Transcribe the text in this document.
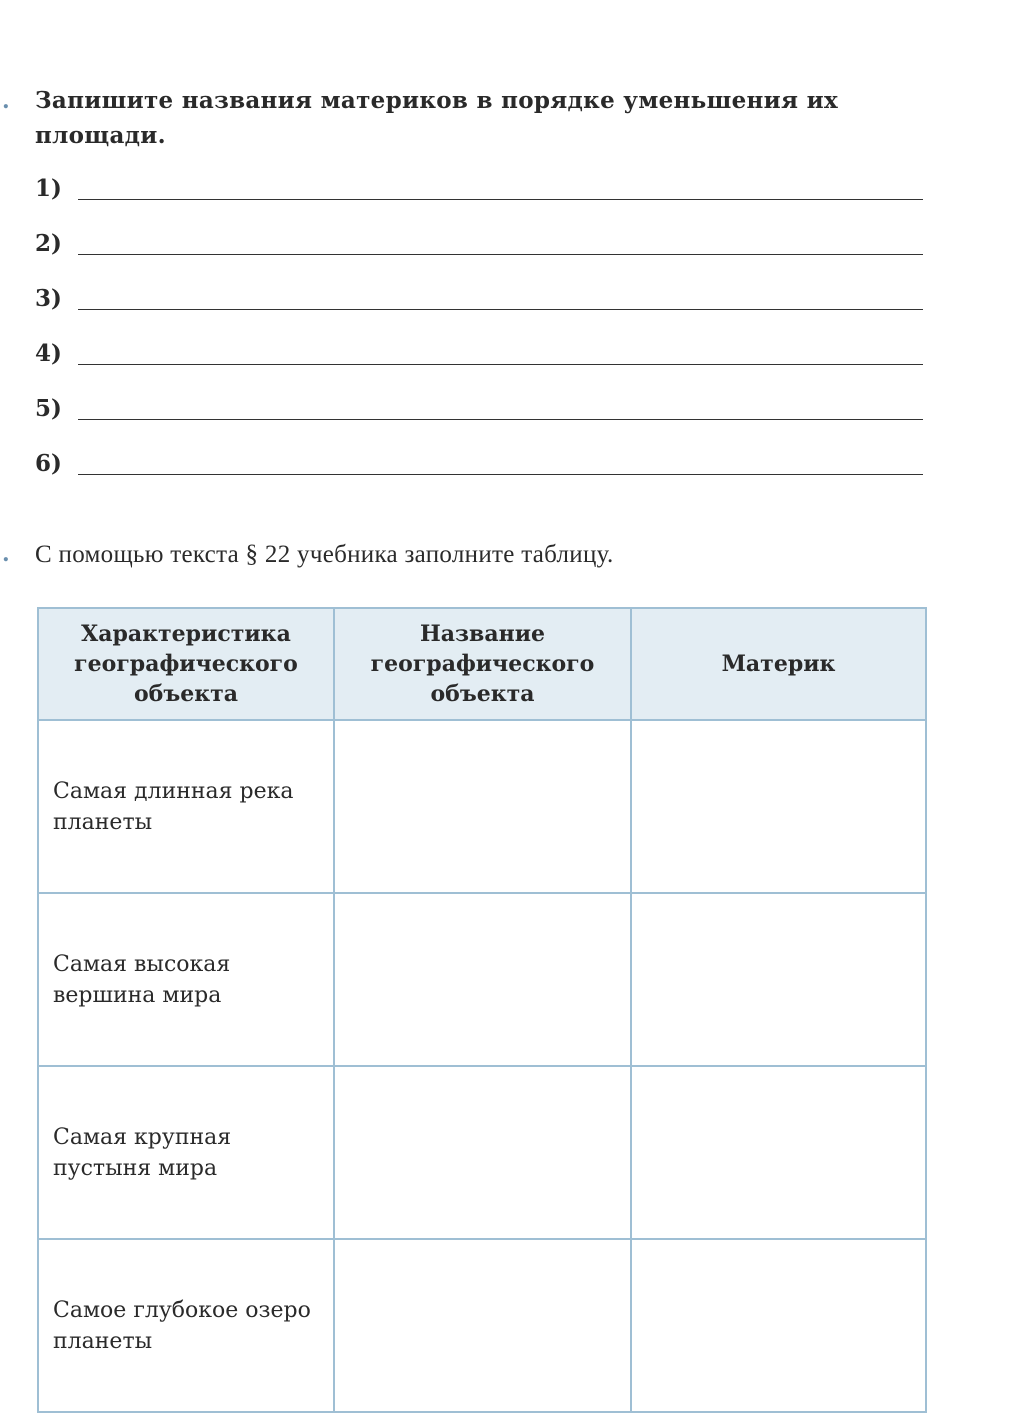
. Запишите названия материков в порядке уменьшения их
площади.
1)
2)
3)
4)
5)
6)
. С помощью текста § 22 учебника заполните таблицу.
Характеристика географического объекта	Название географического объекта	Материк
Самая длинная река планеты		
Самая высокая вершина мира		
Самая крупная пустыня мира		
Самое глубокое озеро планеты		
